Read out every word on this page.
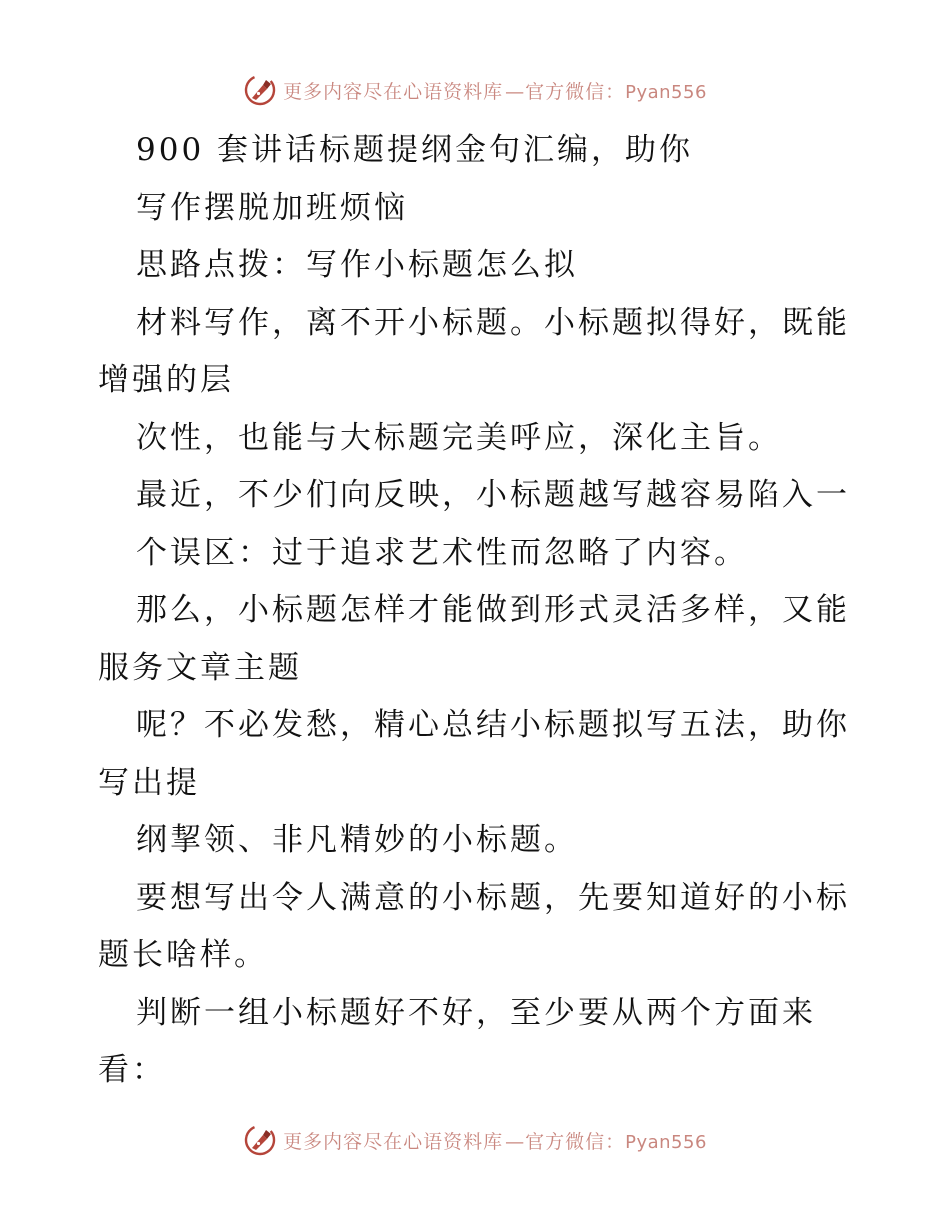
更多内容尽在心语资料库 —官方微信：Pyan556

900 套讲话标题提纲金句汇编，助你

写作摆脱加班烦恼

思路点拨：写作小标题怎么拟

材料写作，离不开小标题。小标题拟得好，既能增强的层

次性，也能与大标题完美呼应，深化主旨。

最近，不少们向反映，小标题越写越容易陷入一

个误区：过于追求艺术性而忽略了内容。

那么，小标题怎样才能做到形式灵活多样，又能服务文章主题

呢？不必发愁，精心总结小标题拟写五法，助你写出提

纲挈领、非凡精妙的小标题。

要想写出令人满意的小标题，先要知道好的小标题长啥样。

判断一组小标题好不好，至少要从两个方面来看：

更多内容尽在心语资料库 —官方微信：Pyan556
